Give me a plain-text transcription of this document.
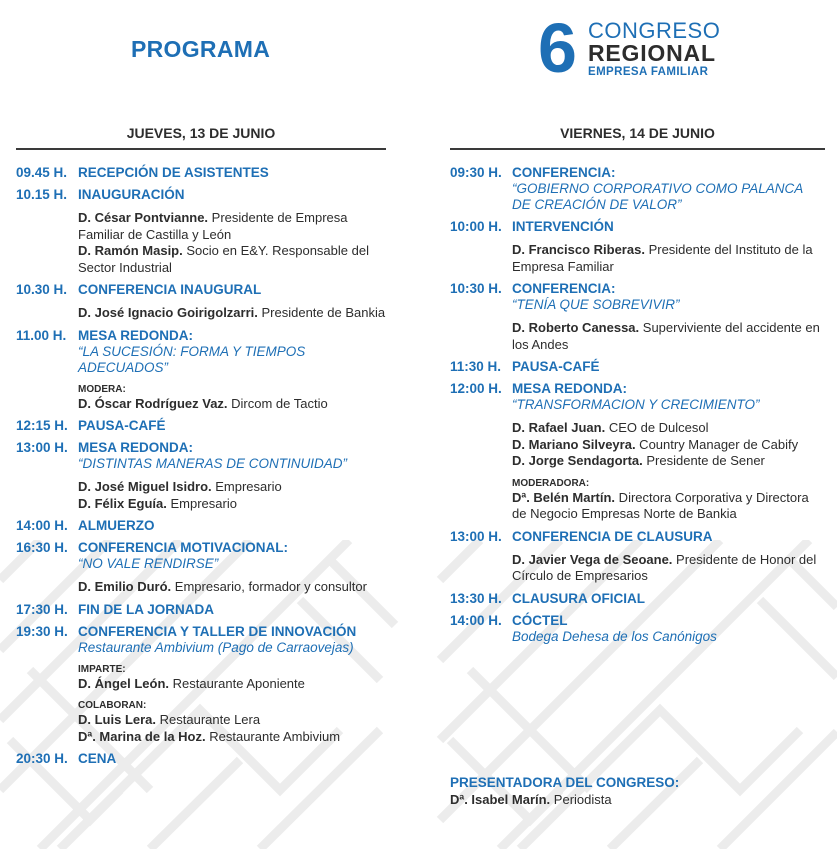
PROGRAMA	6 CONGRESO
REGIONAL
EMPRESA FAMILIAR
JUEVES, 13 DE JUNIO
09.45 H. RECEPCIÓN DE ASISTENTES
10.15 H. INAUGURACIÓN
D. César Pontvianne. Presidente de Empresa Familiar de Castilla y León
D. Ramón Masip. Socio en E&Y. Responsable del Sector Industrial
10.30 H. CONFERENCIA INAUGURAL
D. José Ignacio Goirigolzarri. Presidente de Bankia
11.00 H. MESA REDONDA:
“LA SUCESIÓN: FORMA Y TIEMPOS ADECUADOS”
MODERA:
D. Óscar Rodríguez Vaz. Dircom de Tactio
12:15 H. PAUSA-CAFÉ
13:00 H. MESA REDONDA:
“DISTINTAS MANERAS DE CONTINUIDAD”
D. José Miguel Isidro. Empresario
D. Félix Eguía. Empresario
14:00 H. ALMUERZO
16:30 H. CONFERENCIA MOTIVACIONAL:
“NO VALE RENDIRSE”
D. Emilio Duró. Empresario, formador y consultor
17:30 H. FIN DE LA JORNADA
19:30 H. CONFERENCIA Y TALLER DE INNOVACIÓN
Restaurante Ambivium (Pago de Carraovejas)
IMPARTE:
D. Ángel León. Restaurante Aponiente
COLABORAN:
D. Luis Lera. Restaurante Lera
Dª. Marina de la Hoz. Restaurante Ambivium
20:30 H. CENA
VIERNES, 14 DE JUNIO
09:30 H. CONFERENCIA:
“GOBIERNO CORPORATIVO COMO PALANCA DE CREACIÓN DE VALOR”
10:00 H. INTERVENCIÓN
D. Francisco Riberas. Presidente del Instituto de la Empresa Familiar
10:30 H. CONFERENCIA:
“TENÍA QUE SOBREVIVIR”
D. Roberto Canessa. Superviviente del accidente en los Andes
11:30 H. PAUSA-CAFÉ
12:00 H. MESA REDONDA:
“TRANSFORMACION Y CRECIMIENTO”
D. Rafael Juan. CEO de Dulcesol
D. Mariano Silveyra. Country Manager de Cabify
D. Jorge Sendagorta. Presidente de Sener
MODERADORA:
Dª. Belén Martín. Directora Corporativa y Directora de Negocio Empresas Norte de Bankia
13:00 H. CONFERENCIA DE CLAUSURA
D. Javier Vega de Seoane. Presidente de Honor del Círculo de Empresarios
13:30 H. CLAUSURA OFICIAL
14:00 H. CÓCTEL
Bodega Dehesa de los Canónigos
PRESENTADORA DEL CONGRESO:
Dª. Isabel Marín. Periodista
